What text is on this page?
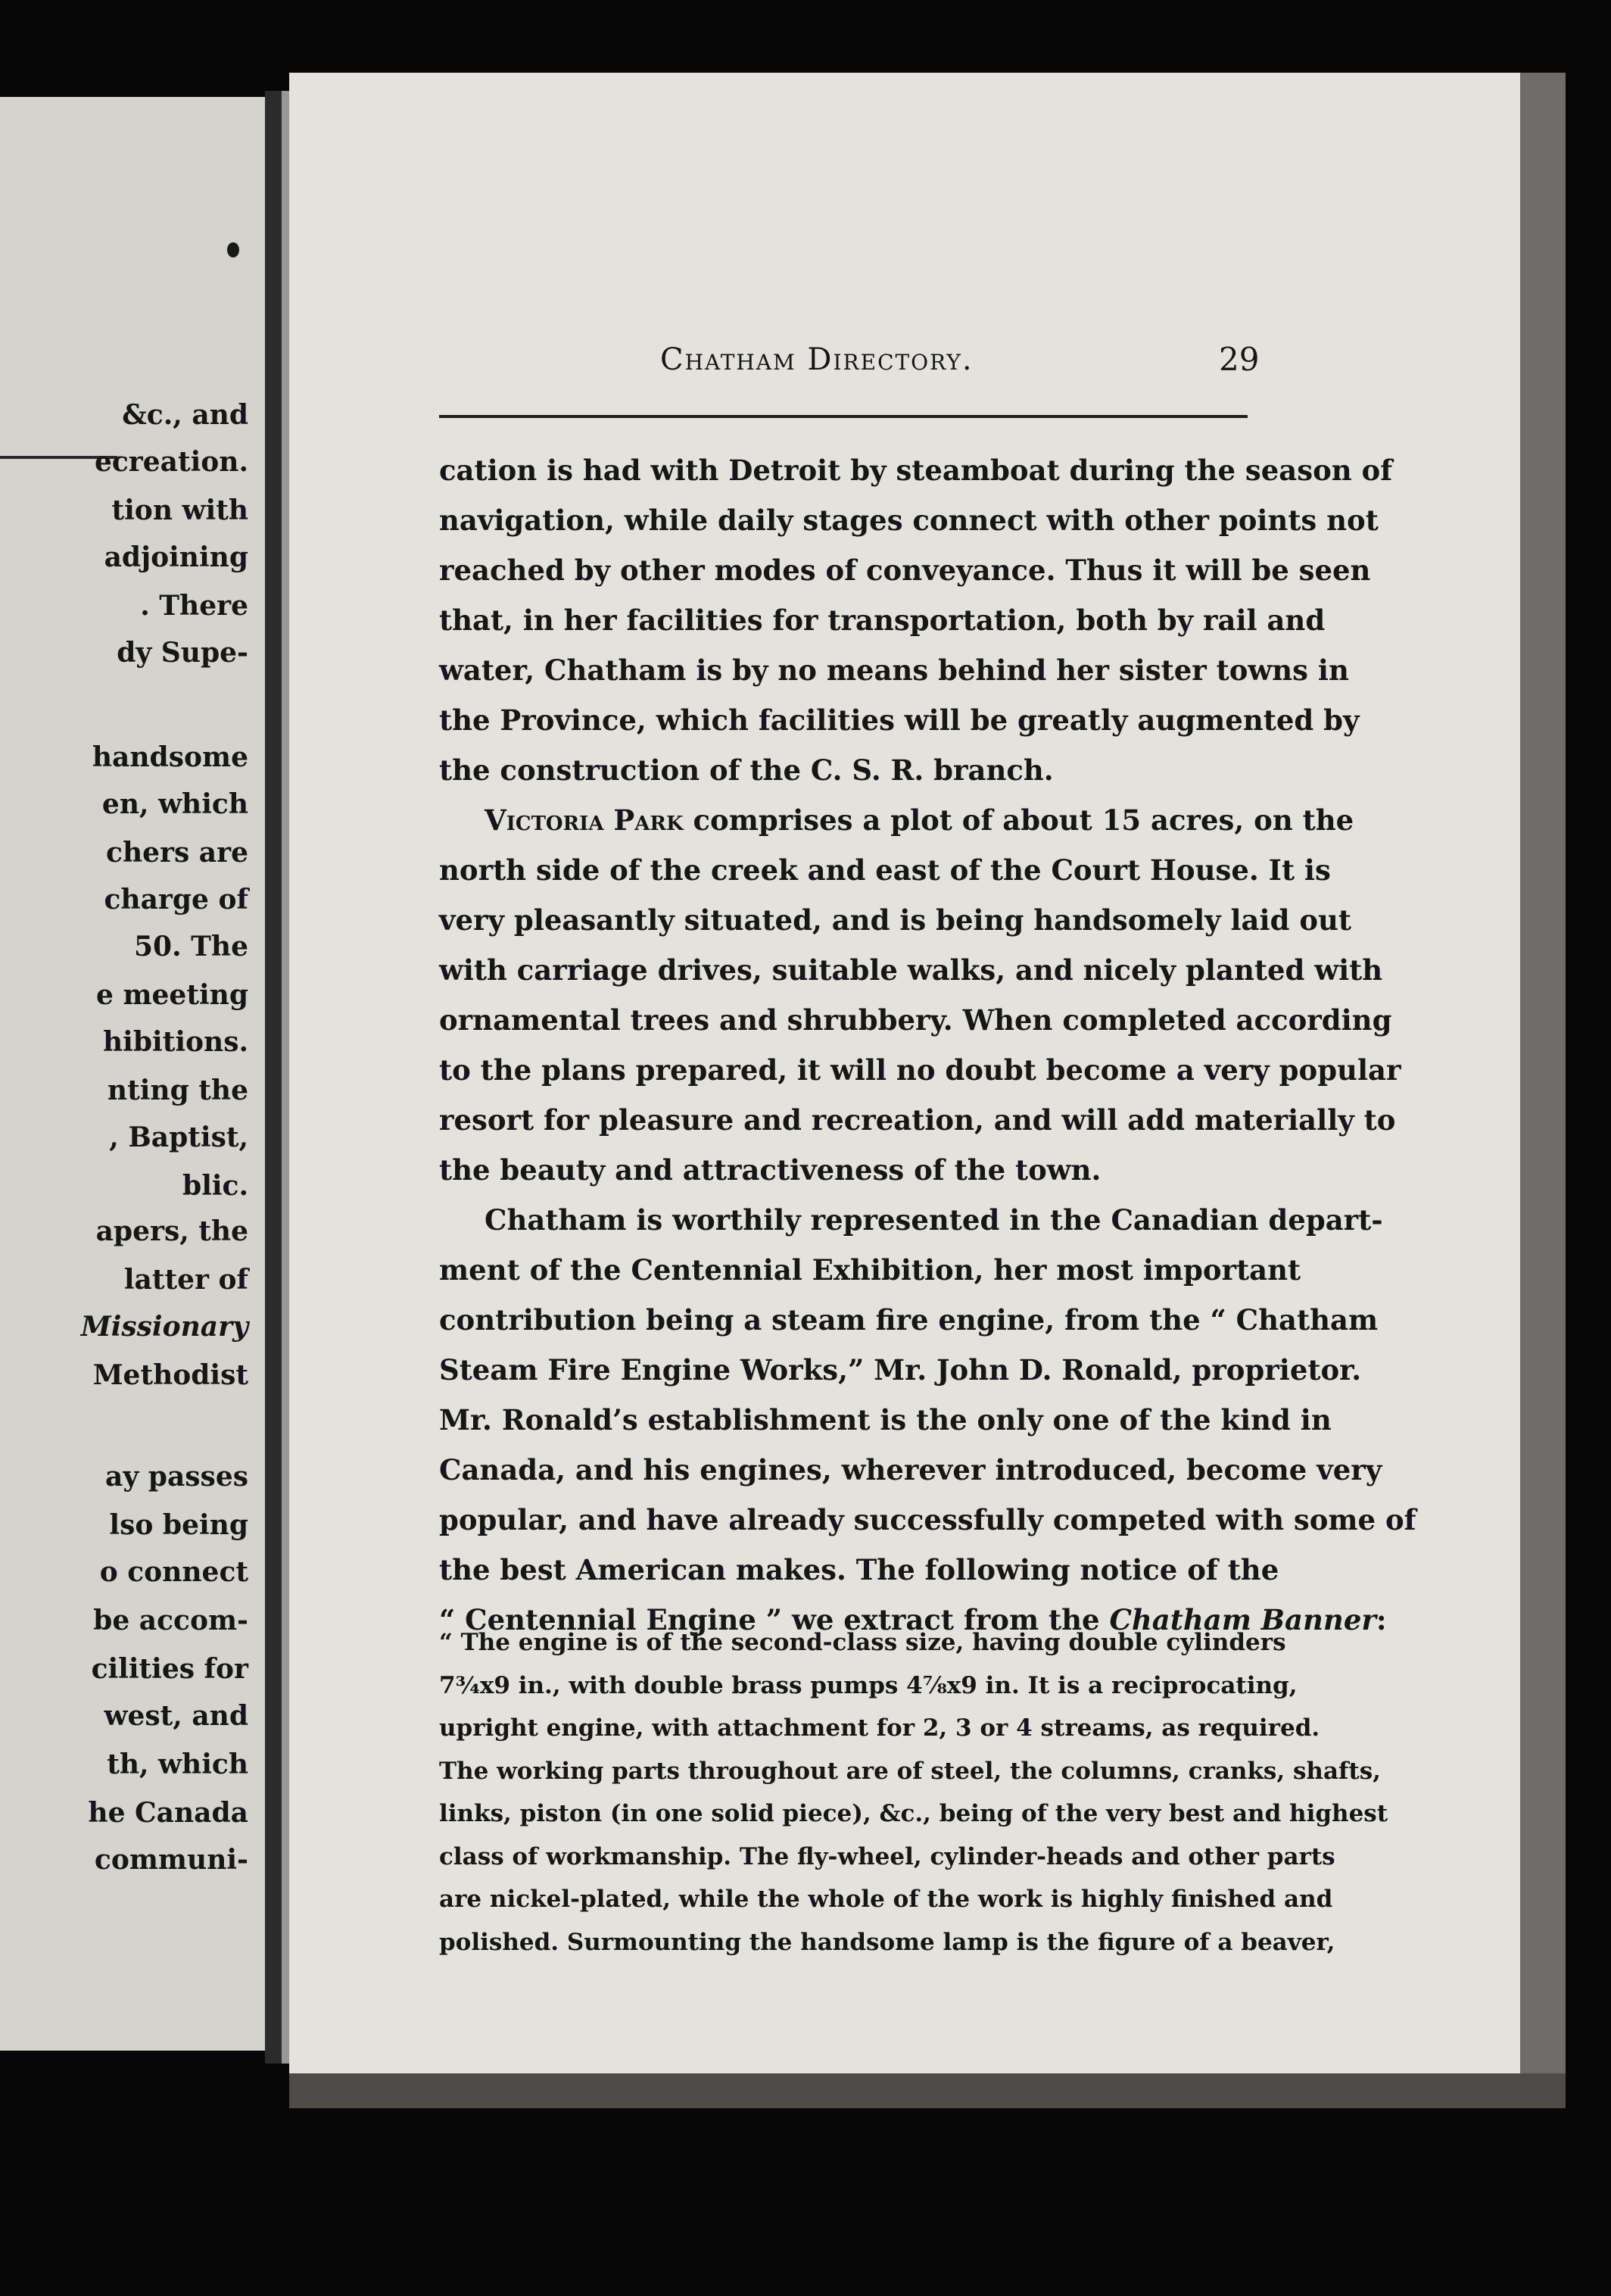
&c., and
ecreation.
tion with
adjoining
. There
dy Supe-
handsome
en, which
chers are
charge of
50. The
e meeting
hibitions.
nting the
, Baptist,
blic.
apers, the
latter of
Missionary
Methodist
ay passes
lso being
o connect
be accom-
cilities for
west, and
th, which
he Canada
communi-
Chatham Directory.	29
cation is had with Detroit by steamboat during the season of
navigation, while daily stages connect with other points not
reached by other modes of conveyance. Thus it will be seen
that, in her facilities for transportation, both by rail and
water, Chatham is by no means behind her sister towns in
the Province, which facilities will be greatly augmented by
the construction of the C. S. R. branch.
Victoria Park comprises a plot of about 15 acres, on the
north side of the creek and east of the Court House. It is
very pleasantly situated, and is being handsomely laid out
with carriage drives, suitable walks, and nicely planted with
ornamental trees and shrubbery. When completed according
to the plans prepared, it will no doubt become a very popular
resort for pleasure and recreation, and will add materially to
the beauty and attractiveness of the town.
Chatham is worthily represented in the Canadian depart-
ment of the Centennial Exhibition, her most important
contribution being a steam fire engine, from the “ Chatham
Steam Fire Engine Works,” Mr. John D. Ronald, proprietor.
Mr. Ronald’s establishment is the only one of the kind in
Canada, and his engines, wherever introduced, become very
popular, and have already successfully competed with some of
the best American makes. The following notice of the
“ Centennial Engine ” we extract from the Chatham Banner:
“ The engine is of the second-class size, having double cylinders
7¾x9 in., with double brass pumps 4⅞x9 in. It is a reciprocating,
upright engine, with attachment for 2, 3 or 4 streams, as required.
The working parts throughout are of steel, the columns, cranks, shafts,
links, piston (in one solid piece), &c., being of the very best and highest
class of workmanship. The fly-wheel, cylinder-heads and other parts
are nickel-plated, while the whole of the work is highly finished and
polished. Surmounting the handsome lamp is the figure of a beaver,
